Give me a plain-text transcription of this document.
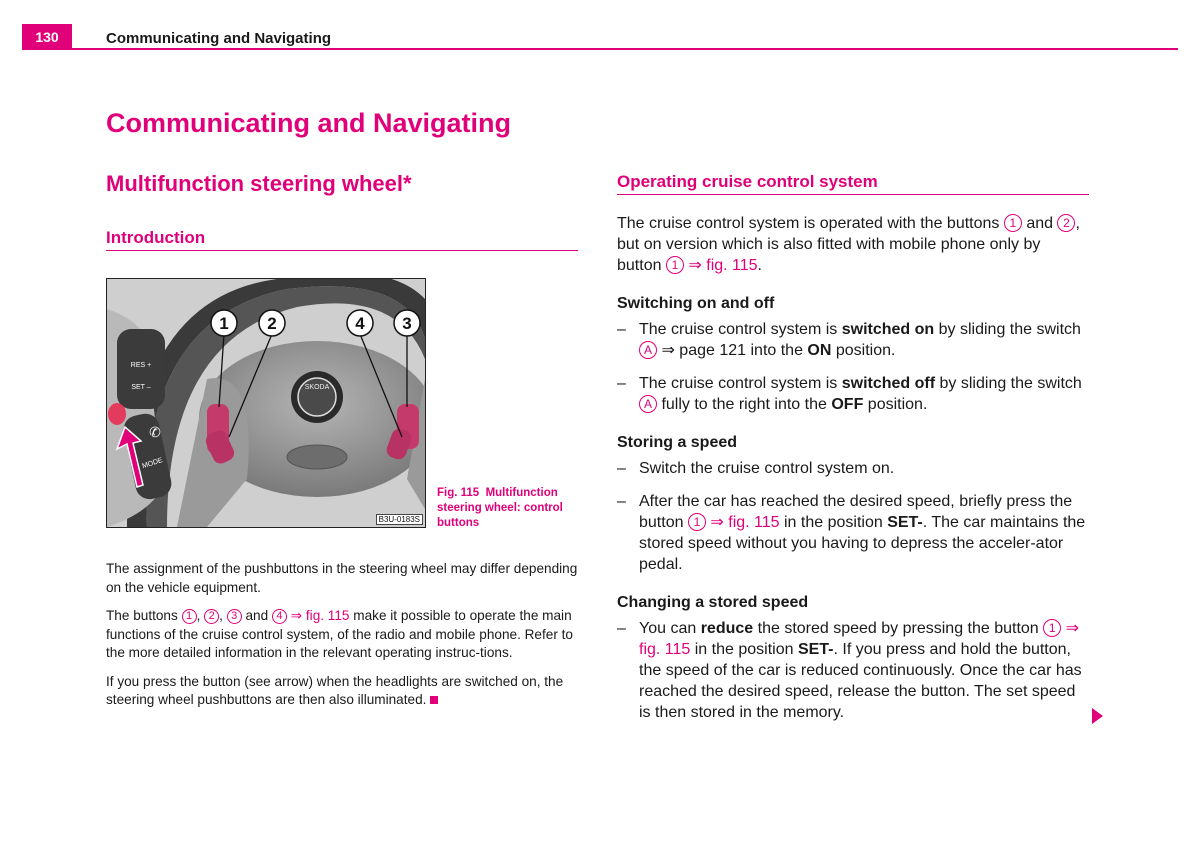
130	Communicating and Navigating
Communicating and Navigating
Multifunction steering wheel*
Introduction
SKODA
RES +
SET –
✆
MODE
1 2	4 3
B3U-0183S
Fig. 115 Multifunction steering wheel: control buttons

The assignment of the pushbuttons in the steering wheel may differ depending on the vehicle equipment.

The buttons 1 , 2 , 3 and 4 ⇒ fig. 115 make it possible to operate the main functions of the cruise control system, of the radio and mobile phone. Refer to the more detailed information in the relevant operating instruc-tions.

If you press the button (see arrow) when the headlights are switched on, the steering wheel pushbuttons are then also illuminated.

Operating cruise control system

The cruise control system is operated with the buttons 1 and 2 , but on version which is also fitted with mobile phone only by button 1 ⇒ fig. 115.

Switching on and off
– The cruise control system is switched on by sliding the switch A ⇒ page 121 into the ON position.
– The cruise control system is switched off by sliding the switch A fully to the right into the OFF position.
Storing a speed
– Switch the cruise control system on.
– After the car has reached the desired speed, briefly press the button 1 ⇒ fig. 115 in the position SET-. The car maintains the stored speed without you having to depress the acceler-ator pedal.
Changing a stored speed
– You can reduce the stored speed by pressing the button 1 ⇒ fig. 115 in the position SET-. If you press and hold the button, the speed of the car is reduced continuously. Once the car has reached the desired speed, release the button. The set speed is then stored in the memory.
